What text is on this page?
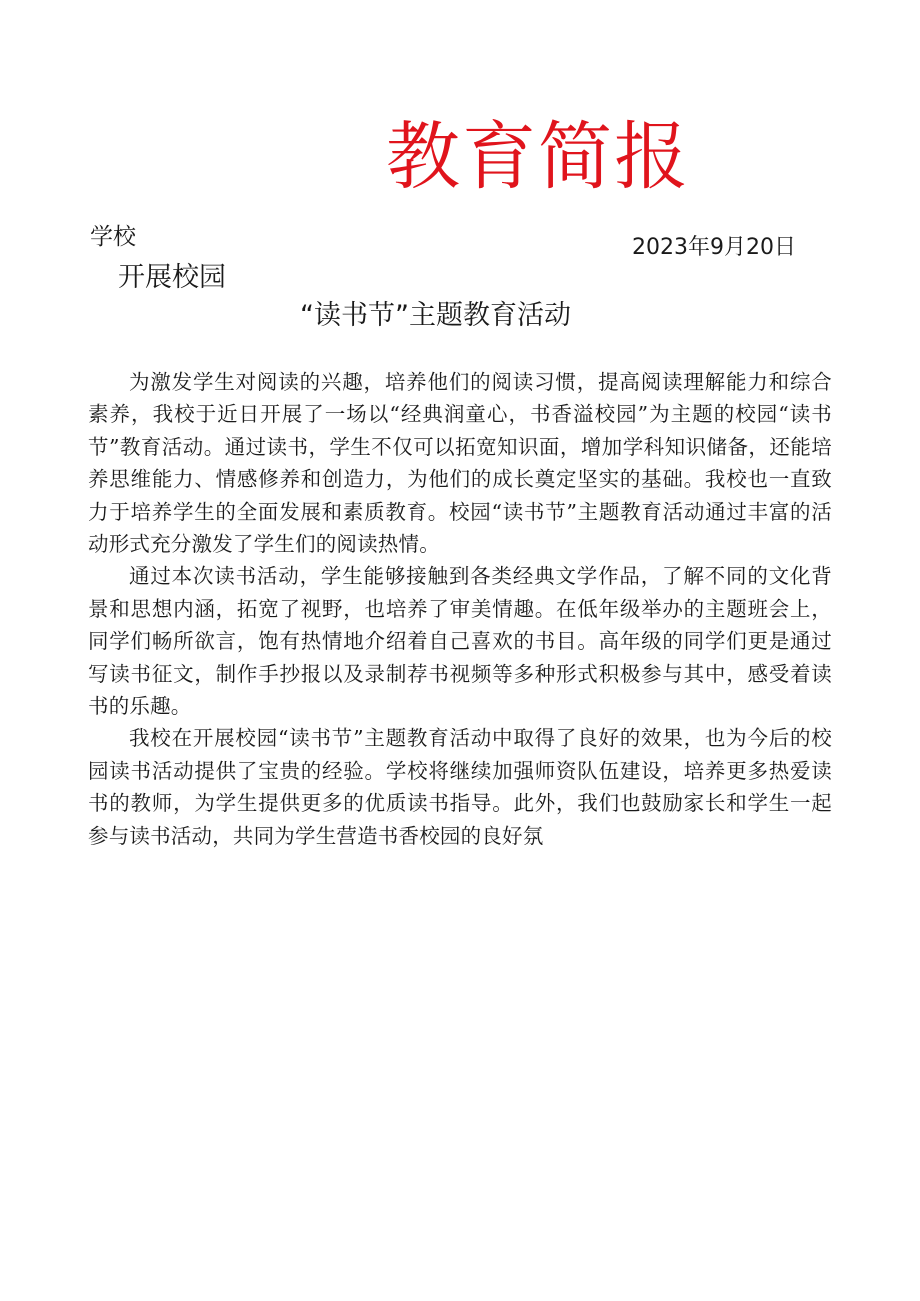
教育简报
学校	2023年9月20日
开展校园
“读书节”主题教育活动

为激发学生对阅读的兴趣，培养他们的阅读习惯，提高阅读理解能力和综合素养，我校于近日开展了一场以“经典润童心，书香溢校园”为主题的校园“读书节”教育活动。通过读书，学生不仅可以拓宽知识面，增加学科知识储备，还能培养思维能力、情感修养和创造力，为他们的成长奠定坚实的基础。我校也一直致力于培养学生的全面发展和素质教育。校园“读书节”主题教育活动通过丰富的活动形式充分激发了学生们的阅读热情。

通过本次读书活动，学生能够接触到各类经典文学作品，了解不同的文化背景和思想内涵，拓宽了视野，也培养了审美情趣。在低年级举办的主题班会上，同学们畅所欲言，饱有热情地介绍着自己喜欢的书目。高年级的同学们更是通过写读书征文，制作手抄报以及录制荐书视频等多种形式积极参与其中，感受着读书的乐趣。

我校在开展校园“读书节”主题教育活动中取得了良好的效果，也为今后的校园读书活动提供了宝贵的经验。学校将继续加强师资队伍建设，培养更多热爱读书的教师，为学生提供更多的优质读书指导。此外，我们也鼓励家长和学生一起参与读书活动，共同为学生营造书香校园的良好氛
